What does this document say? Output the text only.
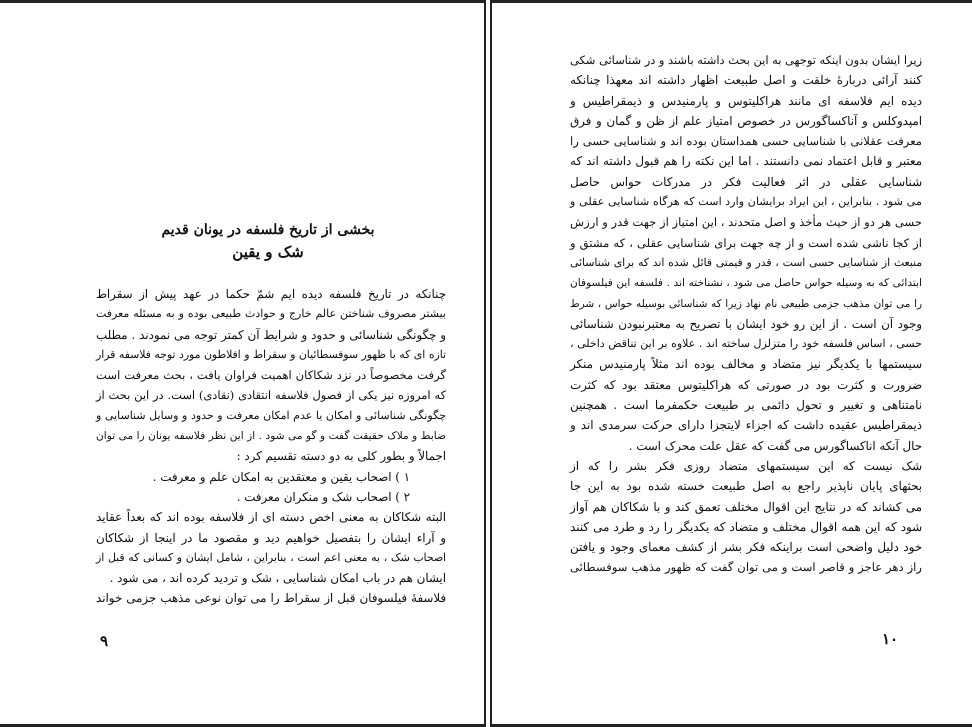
بخشی از تاریخ فلسفه در یونان قدیم
شک و یقین

چنانکه در تاریخ فلسفه دیده ایم شمّ حکما در عهد پیش از سقراط

بیشتر مصروف شناختن عالم خارج و حوادث طبیعی بوده و به مسئله معرفت

و چگونگی شناسائی و حدود و شرایط آن کمتر توجه می نمودند . مطلب

تازه ای که با ظهور سوفسطائیان و سقراط و افلاطون مورد توجه فلاسفه قرار

گرفت مخصوصاً در نزد شکاکان اهمیت فراوان یافت ، بحث معرفت است

که امروزه نیز یکی از فصول فلاسفه انتقادی (نقادی) است. در این بحث از

چگونگی شناسائی و امکان یا عدم امکان معرفت و حدود و وسایل شناسایی و

ضابط و ملاک حقیقت گفت و گو می شود . از این نظر فلاسفه یونان را می توان

اجمالاً و بطور کلی به دو دسته تقسیم کرد :

۱ ) اصحاب یقین و معتقدین به امکان علم و معرفت .

۲ ) اصحاب شک و منکران معرفت .

البته شکاکان به معنی اخص دسته ای از فلاسفه بوده اند که بعداً عقاید

و آراء ایشان را بتفصیل خواهیم دید و مقصود ما در اینجا از شکاکان

اصحاب شک ، به معنی اعم است ، بنابراین ، شامل ایشان و کسانی که قبل از

ایشان هم در باب امکان شناسایی ، شک و تردید کرده اند ، می شود .

فلاسفهٔ فیلسوفان قبل از سقراط را می توان نوعی مذهب جزمی خواند

۹

زیرا ایشان بدون اینکه توجهی به این بحث داشته باشند و در شناسائی شکی

کنند آرائی دربارهٔ خلقت و اصل طبیعت اظهار داشته اند معهذا چنانکه

دیده ایم فلاسفه ای مانند هراکلیتوس و پارمنیدس و ذیمقراطیس و

امپدوکلس و آناکساگورس در خصوص امتیاز علم از ظن و گمان و فرق

معرفت عقلانی با شناسایی حسی همداستان بوده اند و شناسایی حسی را

معتبر و قابل اعتماد نمی دانستند . اما این نکته را هم قبول داشته اند که

شناسایی عقلی در اثر فعالیت فکر در مدرکات حواس حاصل

می شود . بنابراین ، این ایراد برایشان وارد است که هرگاه شناسایی عقلی و

حسی هر دو از حیث مأخذ و اصل متحدند ، این امتیاز از جهت قدر و ارزش

از کجا ناشی شده است و از چه جهت برای شناسایی عقلی ، که مشتق و

منبعث از شناسایی حسی است ، قدر و قیمتی قائل شده اند که برای شناسائی

ابتدائی که به وسیله حواس حاصل می شود ، نشناخته اند . فلسفه این فیلسوفان

را می توان مذهب جزمی طبیعی نام نهاد زیرا که شناسائی بوسیله حواس ، شرط

وجود آن است . از این رو خود ایشان با تصریح به معتبرنبودن شناسائی

حسی ، اساس فلسفه خود را متزلزل ساخته اند . علاوه بر این تناقض داخلی ،

سیستمها با یکدیگر نیز متضاد و مخالف بوده اند مثلاً پارمنیدس منکر

ضرورت و کثرت بود در صورتی که هراکلیتوس معتقد بود که کثرت

نامتناهی و تغییر و تحول دائمی بر طبیعت حکمفرما است . همچنین

ذیمقراطیس عقیده داشت که اجزاء لایتجزا دارای حرکت سرمدی اند و

حال آنکه اناکساگورس می گفت که عقل علت محرک است .

شک نیست که این سیستمهای متضاد روزی فکر بشر را که از

بحثهای پایان ناپذیر راجع به اصل طبیعت خسته شده بود به این جا

می کشاند که در نتایج این اقوال مختلف تعمق کند و با شکاکان هم آواز

شود که این همه اقوال مختلف و متضاد که یکدیگر را رد و طرد می کنند

خود دلیل واضحی است براینکه فکر بشر از کشف معمای وجود و یافتن

راز دهر عاجز و قاصر است و می توان گفت که ظهور مذهب سوفسطائی

۱۰
